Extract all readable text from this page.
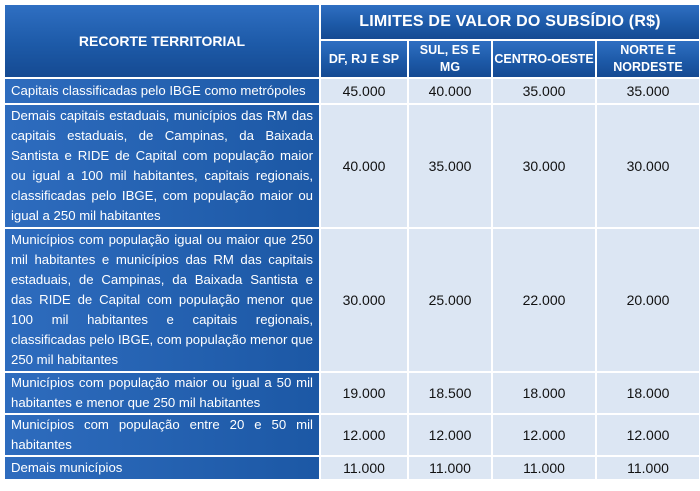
RECORTE TERRITORIAL	LIMITES DE VALOR DO SUBSÍDIO (R$)			
	DF, RJ E SP	SUL, ES E MG	CENTRO-OESTE	NORTE E NORDESTE
Capitais classificadas pelo IBGE como metrópoles	45.000	40.000	35.000	35.000
Demais capitais estaduais, municípios das RM das capitais estaduais, de Campinas, da Baixada Santista e RIDE de Capital com população maior ou igual a 100 mil habitantes, capitais regionais, classificadas pelo IBGE, com população maior ou igual a 250 mil habitantes	40.000	35.000	30.000	30.000
Municípios com população igual ou maior que 250 mil habitantes e municípios das RM das capitais estaduais, de Campinas, da Baixada Santista e das RIDE de Capital com população menor que 100 mil habitantes e capitais regionais, classificadas pelo IBGE, com população menor que 250 mil habitantes	30.000	25.000	22.000	20.000
Municípios com população maior ou igual a 50 mil habitantes e menor que 250 mil habitantes	19.000	18.500	18.000	18.000
Municípios com população entre 20 e 50 mil habitantes	12.000	12.000	12.000	12.000
Demais municípios	11.000	11.000	11.000	11.000
